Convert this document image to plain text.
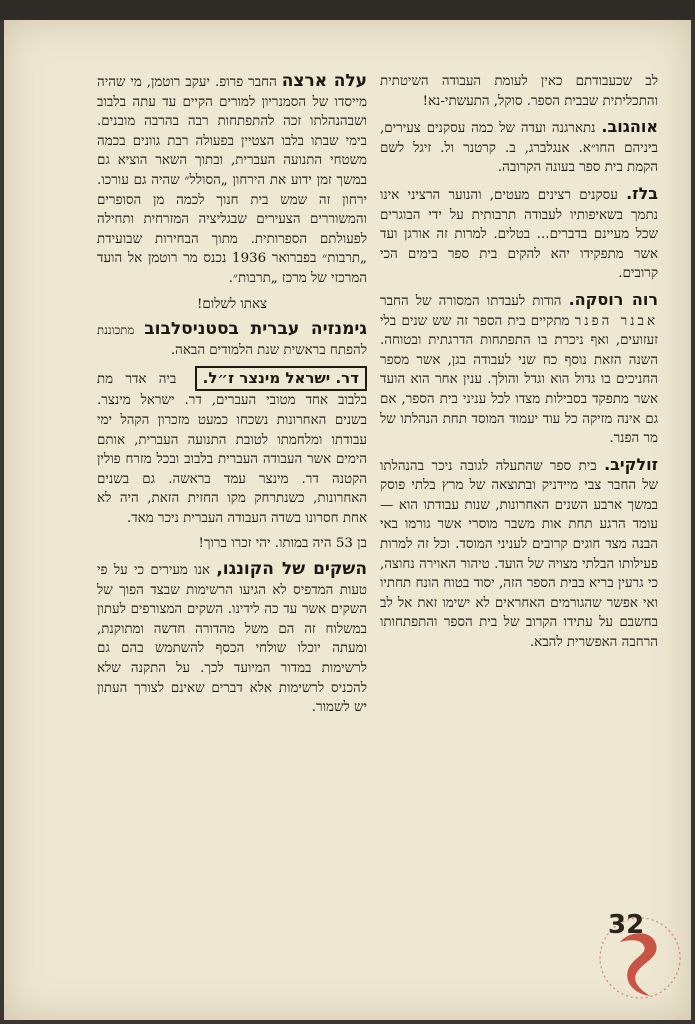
לב שכעבודתם כאין לעומת העבודה השיטתית והתכליתית שבבית הספר. סוקל, התעשתי-נא!

אוהגוב. נתארגנה ועדה של כמה עסקנים צעירים, ביניהם החו״א. אנגלברג, ב. קרטנר ול. זיגל לשם הקמת בית ספר בעונה הקרובה.

בלז. עסקנים רצינים מעטים, והנוער הרציני אינו נתמך בשאיפותיו לעבודה תרבותית על ידי הבוגרים שכל מעיינם בדברים... בטלים. למרות זה אורגן ועד אשר מתפקידו יהא להקים בית ספר בימים הכי קרובים.

רוה רוסקה. הודות לעבדתו המסורה של החבר אבנר הפנר מתקיים בית הספר זה שש שנים בלי זעזועים, ואף ניכרת בו התפתחות הדרגתית ובטוחה. השנה הזאת נוסף כח שני לעבודה בגן, אשר מספר החניכים בו גדול הוא וגדל והולך. ענין אחר הוא הועד אשר מתפקד בסבילות מצדו לכל עניני בית הספר, אם גם אינה מזיקה כל עוד יעמוד המוסד תחת הנהלתו של מר הפנר.

זולקיב. בית ספר שהתעלה לגובה ניכר בהנהלתו של החבר צבי מיידניק ובתוצאה של מרץ בלתי פוסק במשך ארבע השנים האחרונות, שנות עבודתו הוא — עומד הרגע תחת אות משבר מוסרי אשר גורמו באי הבנה מצד חוגים קרובים לעניני המוסד. וכל זה למרות פעילותו הבלתי מצויה של הועד. טיהור האוירה נחוצה, כי גרעין בריא בבית הספר הזה, יסוד בטוח הונח תחתיו ואי אפשר שהגורמים האחראים לא ישימו זאת אל לב בחשבם על עתידו הקרוב של בית הספר והתפתחותו הרחבה האפשרית להבא.

עלה ארצה החבר פרופ. יעקב רוטמן, מי שהיה מייסדו של הסמנריון למורים הקיים עד עתה בלבוב ושבהנהלתו זכה להתפתחות רבה בהרבה מובנים. בימי שבתו בלבו הצטיין בפעולה רבת גוונים בכמה משטחי התנועה העברית, ובתוך השאר הוציא גם במשך זמן ידוע את הירחון „הסולל״ שהיה גם עורכו. ירחון זה שמש בית חנוך לכמה מן הסופרים והמשוררים הצעירים שבגליציה המזרחית ותחילה לפעולתם הספרותית. מתוך הבחירות שבועידת „תרבות״ בפברואר 1936 נכנס מר רוטמן אל הועד המרכזי של מרכז „תרבות״.

צאתו לשלום!

גימנזיה עברית בסטניסלבוב מתכוננת להפתח בראשית שנת הלמודים הבאה.

דר. ישראל מינצר ז״ל. ביה אדר מת בלבוב אחד מטובי העברים, דר. ישראל מינצר. בשנים האחרונות נשכחו כמעט מזכרון הקהל ימי עבודתו ומלחמתו לטובת התנועה העברית, אותם הימים אשר העבודה העברית בלבוב ובכל מזרח פולין הקטנה דר. מינצר עמד בראשה. גם בשנים האחרונות, כשנתרחק מקו החזית הזאת, היה לא אחת חסרונו בשדה העבודה העברית ניכר מאד.

בן 53 היה במותו. יהי זכרו ברוך!

השקים של הקונגו, אנו מעירים כי על פי טעות המדפיס לא הגיעו הרשימות שבצד הפוך של השקים אשר עד כה לידינו. השקים המצורפים לעתון במשלוח זה הם משל מהדורה חדשה ומתוקנת, ומעתה יוכלו שולחי הכסף להשתמש בהם גם לרשימות במדור המיועד לכך. על התקנה שלא להכניס לרשימות אלא דברים שאינם לצורך העתון יש לשמור.

32
